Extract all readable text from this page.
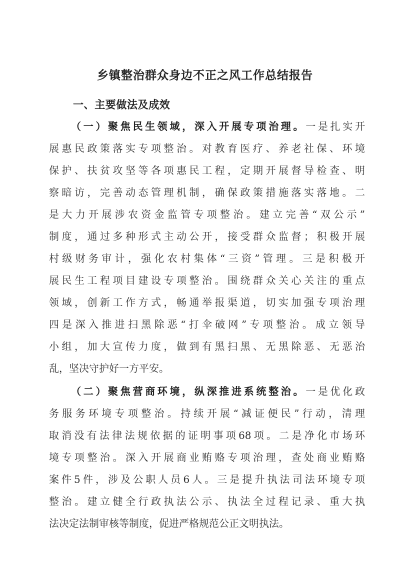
乡镇整治群众身边不正之风工作总结报告
一、主要做法及成效
（一）聚焦民生领域，深入开展专项治理。一是扎实开
展惠民政策落实专项整治。对教育医疗、养老社保、环境
保护、扶贫攻坚等各项惠民工程，定期开展督导检查、明
察暗访，完善动态管理机制，确保政策措施落实落地。二
是大力开展涉农资金监管专项整治。建立完善“双公示”
制度，通过多种形式主动公开，接受群众监督；积极开展
村级财务审计，强化农村集体“三资”管理。三是积极开
展民生工程项目建设专项整治。围绕群众关心关注的重点
领域，创新工作方式，畅通举报渠道，切实加强专项治理
四是深入推进扫黑除恶“打伞破网”专项整治。成立领导
小组，加大宣传力度，做到有黑扫黑、无黑除恶、无恶治
乱，坚决守护好一方平安。
（二）聚焦营商环境，纵深推进系统整治。一是优化政
务服务环境专项整治。持续开展“减证便民”行动，清理
取消没有法律法规依据的证明事项68项。二是净化市场环
境专项整治。深入开展商业贿赂专项治理，查处商业贿赂
案件5件，涉及公职人员6人。三是提升执法司法环境专项
整治。建立健全行政执法公示、执法全过程记录、重大执
法决定法制审核等制度，促进严格规范公正文明执法。
